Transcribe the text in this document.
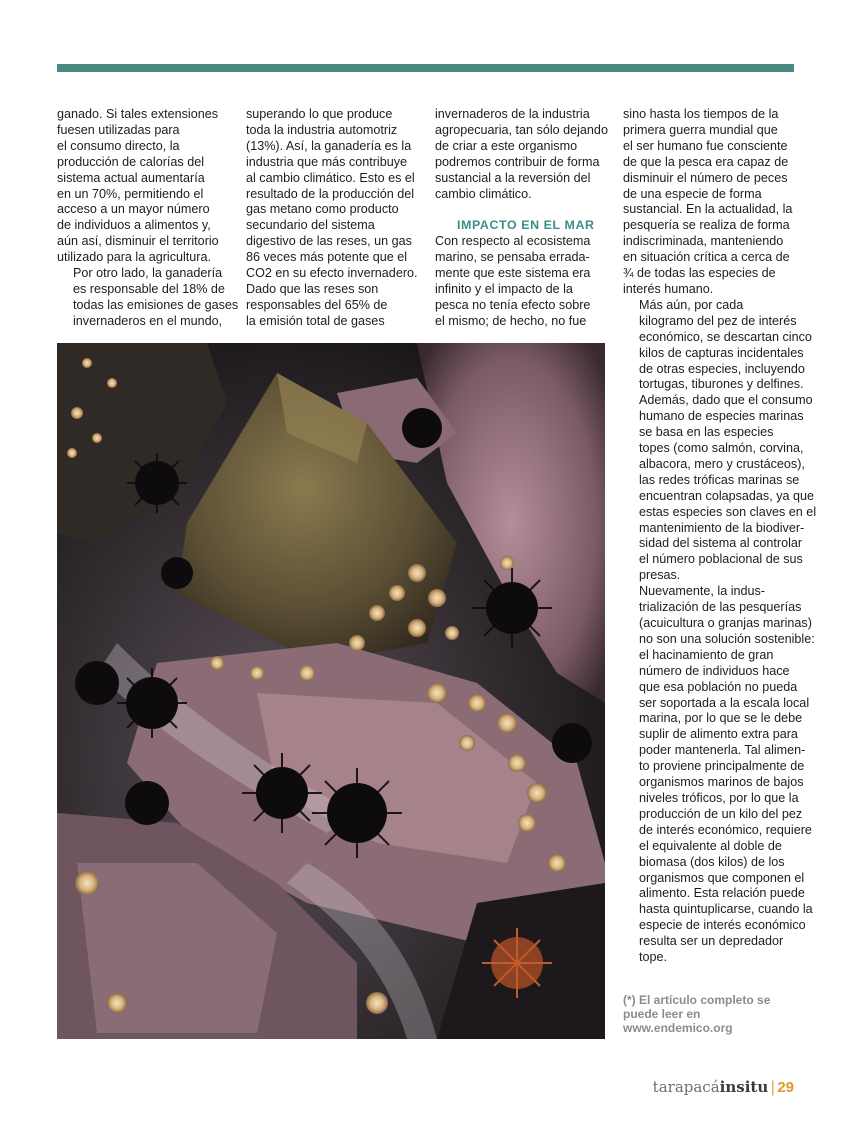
ganado. Si tales extensiones
fuesen utilizadas para
el consumo directo, la
producción de calorías del
sistema actual aumentaría
en un 70%, permitiendo el
acceso a un mayor número
de individuos a alimentos y,
aún así, disminuir el territorio
utilizado para la agricultura.

Por otro lado, la ganadería
es responsable del 18% de
todas las emisiones de gases
invernaderos en el mundo,

superando lo que produce
toda la industria automotriz
(13%). Así, la ganadería es la
industria que más contribuye
al cambio climático. Esto es el
resultado de la producción del
gas metano como producto
secundario del sistema
digestivo de las reses, un gas
86 veces más potente que el
CO2 en su efecto invernadero.
Dado que las reses son
responsables del 65% de
la emisión total de gases

invernaderos de la industria
agropecuaria, tan sólo dejando
de criar a este organismo
podremos contribuir de forma
sustancial a la reversión del
cambio climático.

IMPACTO EN EL MAR

Con respecto al ecosistema
marino, se pensaba errada-
mente que este sistema era
infinito y el impacto de la
pesca no tenía efecto sobre
el mismo; de hecho, no fue

sino hasta los tiempos de la
primera guerra mundial que
el ser humano fue consciente
de que la pesca era capaz de
disminuir el número de peces
de una especie de forma
sustancial. En la actualidad, la
pesquería se realiza de forma
indiscriminada, manteniendo
en situación crítica a cerca de
¾ de todas las especies de
interés humano.

Más aún, por cada
kilogramo del pez de interés
económico, se descartan cinco
kilos de capturas incidentales
de otras especies, incluyendo
tortugas, tiburones y delfines.
Además, dado que el consumo
humano de especies marinas
se basa en las especies
topes (como salmón, corvina,
albacora, mero y crustáceos),
las redes tróficas marinas se
encuentran colapsadas, ya que
estas especies son claves en el
mantenimiento de la biodiver-
sidad del sistema al controlar
el número poblacional de sus
presas.

Nuevamente, la indus-
trialización de las pesquerías
(acuicultura o granjas marinas)
no son una solución sostenible:
el hacinamiento de gran
número de individuos hace
que esa población no pueda
ser soportada a la escala local
marina, por lo que se le debe
suplir de alimento extra para
poder mantenerla. Tal alimen-
to proviene principalmente de
organismos marinos de bajos
niveles tróficos, por lo que la
producción de un kilo del pez
de interés económico, requiere
el equivalente al doble de
biomasa (dos kilos) de los
organismos que componen el
alimento. Esta relación puede
hasta quintuplicarse, cuando la
especie de interés económico
resulta ser un depredador
tope.

(*) El artículo completo se
puede leer en
www.endemico.org
tarapacáinsitu | 29
